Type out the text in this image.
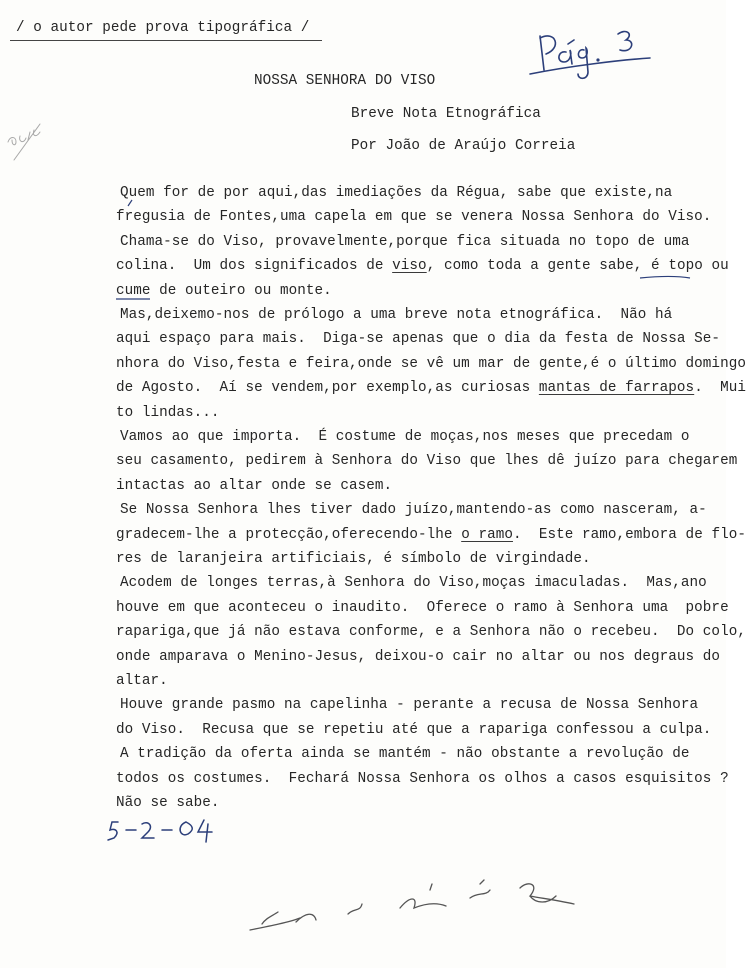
/ o autor pede prova tipográfica /
NOSSA SENHORA DO VISO
Breve Nota Etnográfica
Por João de Araújo Correia
Quem for de por aqui,das imediações da Régua, sabe que existe,na
fregusia de Fontes,uma capela em que se venera Nossa Senhora do Viso.
Chama-se do Viso, provavelmente,porque fica situada no topo de uma
colina.  Um dos significados de viso, como toda a gente sabe, é topo ou
cume de outeiro ou monte.
Mas,deixemo-nos de prólogo a uma breve nota etnográfica.  Não há
aqui espaço para mais.  Diga-se apenas que o dia da festa de Nossa Se-
nhora do Viso,festa e feira,onde se vê um mar de gente,é o último domingo
de Agosto.  Aí se vendem,por exemplo,as curiosas mantas de farrapos.  Mui
to lindas...
Vamos ao que importa.  É costume de moças,nos meses que precedam o
seu casamento, pedirem à Senhora do Viso que lhes dê juízo para chegarem
intactas ao altar onde se casem.
Se Nossa Senhora lhes tiver dado juízo,mantendo-as como nasceram, a-
gradecem-lhe a protecção,oferecendo-lhe o ramo.  Este ramo,embora de flo-
res de laranjeira artificiais, é símbolo de virgindade.
Acodem de longes terras,à Senhora do Viso,moças imaculadas.  Mas,ano
houve em que aconteceu o inaudito.  Oferece o ramo à Senhora uma  pobre
rapariga,que já não estava conforme, e a Senhora não o recebeu.  Do colo,
onde amparava o Menino-Jesus, deixou-o cair no altar ou nos degraus do
altar.
Houve grande pasmo na capelinha - perante a recusa de Nossa Senhora
do Viso.  Recusa que se repetiu até que a rapariga confessou a culpa.
A tradição da oferta ainda se mantém - não obstante a revolução de
todos os costumes.  Fechará Nossa Senhora os olhos a casos esquisitos ?
Não se sabe.
